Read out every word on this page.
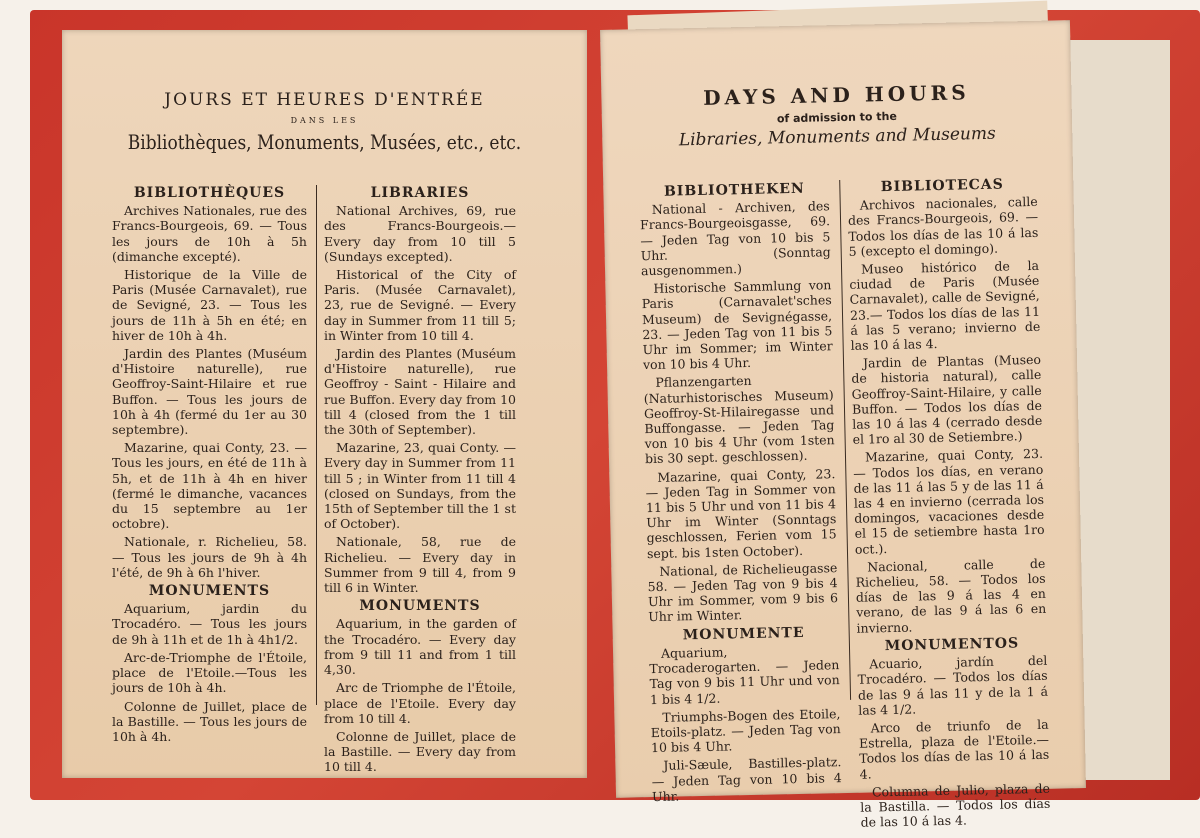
JOURS ET HEURES D'ENTRÉE
DANS LES
Bibliothèques, Monuments, Musées, etc., etc.
BIBLIOTHÈQUES

Archives Nationales, rue des Francs-Bourgeois, 69. — Tous les jours de 10h à 5h (dimanche excepté).

Historique de la Ville de Paris (Musée Carnavalet), rue de Sevigné, 23. — Tous les jours de 11h à 5h en été; en hiver de 10h à 4h.

Jardin des Plantes (Muséum d'Histoire naturelle), rue Geoffroy-Saint-Hilaire et rue Buffon. — Tous les jours de 10h à 4h (fermé du 1er au 30 septembre).

Mazarine, quai Conty, 23. — Tous les jours, en été de 11h à 5h, et de 11h à 4h en hiver (fermé le dimanche, vacances du 15 septembre au 1er octobre).

Nationale, r. Richelieu, 58. — Tous les jours de 9h à 4h l'été, de 9h à 6h l'hiver.

MONUMENTS

Aquarium, jardin du Trocadéro. — Tous les jours de 9h à 11h et de 1h à 4h1/2.

Arc-de-Triomphe de l'Étoile, place de l'Etoile.—Tous les jours de 10h à 4h.

Colonne de Juillet, place de la Bastille. — Tous les jours de 10h à 4h.

LIBRARIES

National Archives, 69, rue des Francs-Bourgeois.— Every day from 10 till 5 (Sundays excepted).

Historical of the City of Paris. (Musée Carnavalet), 23, rue de Sevigné. — Every day in Summer from 11 till 5; in Winter from 10 till 4.

Jardin des Plantes (Muséum d'Histoire naturelle), rue Geoffroy - Saint - Hilaire and rue Buffon. Every day from 10 till 4 (closed from the 1 till the 30th of September).

Mazarine, 23, quai Conty. — Every day in Summer from 11 till 5 ; in Winter from 11 till 4 (closed on Sundays, from the 15th of September till the 1 st of October).

Nationale, 58, rue de Richelieu. — Every day in Summer from 9 till 4, from 9 till 6 in Winter.

MONUMENTS

Aquarium, in the garden of the Trocadéro. — Every day from 9 till 11 and from 1 till 4,30.

Arc de Triomphe de l'Étoile, place de l'Etoile. Every day from 10 till 4.

Colonne de Juillet, place de la Bastille. — Every day from 10 till 4.

DAYS AND HOURS
of admission to the
Libraries, Monuments and Museums
BIBLIOTHEKEN

National - Archiven, des Francs-Bourgeoisgasse, 69. — Jeden Tag von 10 bis 5 Uhr. (Sonntag ausgenommen.)

Historische Sammlung von Paris (Carnavalet'sches Museum) de Sevignégasse, 23. — Jeden Tag von 11 bis 5 Uhr im Sommer; im Winter von 10 bis 4 Uhr.

Pflanzengarten (Naturhistorisches Museum) Geoffroy-St-Hilairegasse und Buffongasse. — Jeden Tag von 10 bis 4 Uhr (vom 1sten bis 30 sept. geschlossen).

Mazarine, quai Conty, 23. — Jeden Tag in Sommer von 11 bis 5 Uhr und von 11 bis 4 Uhr im Winter (Sonntags geschlossen, Ferien vom 15 sept. bis 1sten October).

National, de Richelieugasse 58. — Jeden Tag von 9 bis 4 Uhr im Sommer, vom 9 bis 6 Uhr im Winter.

MONUMENTE

Aquarium, Trocaderogarten. — Jeden Tag von 9 bis 11 Uhr und von 1 bis 4 1/2.

Triumphs-Bogen des Etoile, Etoils-platz. — Jeden Tag von 10 bis 4 Uhr.

Juli-Sæule, Bastilles-platz. — Jeden Tag von 10 bis 4 Uhr.

BIBLIOTECAS

Archivos nacionales, calle des Francs-Bourgeois, 69. — Todos los días de las 10 á las 5 (excepto el domingo).

Museo histórico de la ciudad de Paris (Musée Carnavalet), calle de Sevigné, 23.— Todos los días de las 11 á las 5 verano; invierno de las 10 á las 4.

Jardin de Plantas (Museo de historia natural), calle Geoffroy-Saint-Hilaire, y calle Buffon. — Todos los días de las 10 á las 4 (cerrado desde el 1ro al 30 de Setiembre.)

Mazarine, quai Conty, 23. — Todos los días, en verano de las 11 á las 5 y de las 11 á las 4 en invierno (cerrada los domingos, vacaciones desde el 15 de setiembre hasta 1ro oct.).

Nacional, calle de Richelieu, 58. — Todos los días de las 9 á las 4 en verano, de las 9 á las 6 en invierno.

MONUMENTOS

Acuario, jardín del Trocadéro. — Todos los días de las 9 á las 11 y de la 1 á las 4 1/2.

Arco de triunfo de la Estrella, plaza de l'Etoile.— Todos los días de las 10 á las 4.

Columna de Julio, plaza de la Bastilla. — Todos los días de las 10 á las 4.
